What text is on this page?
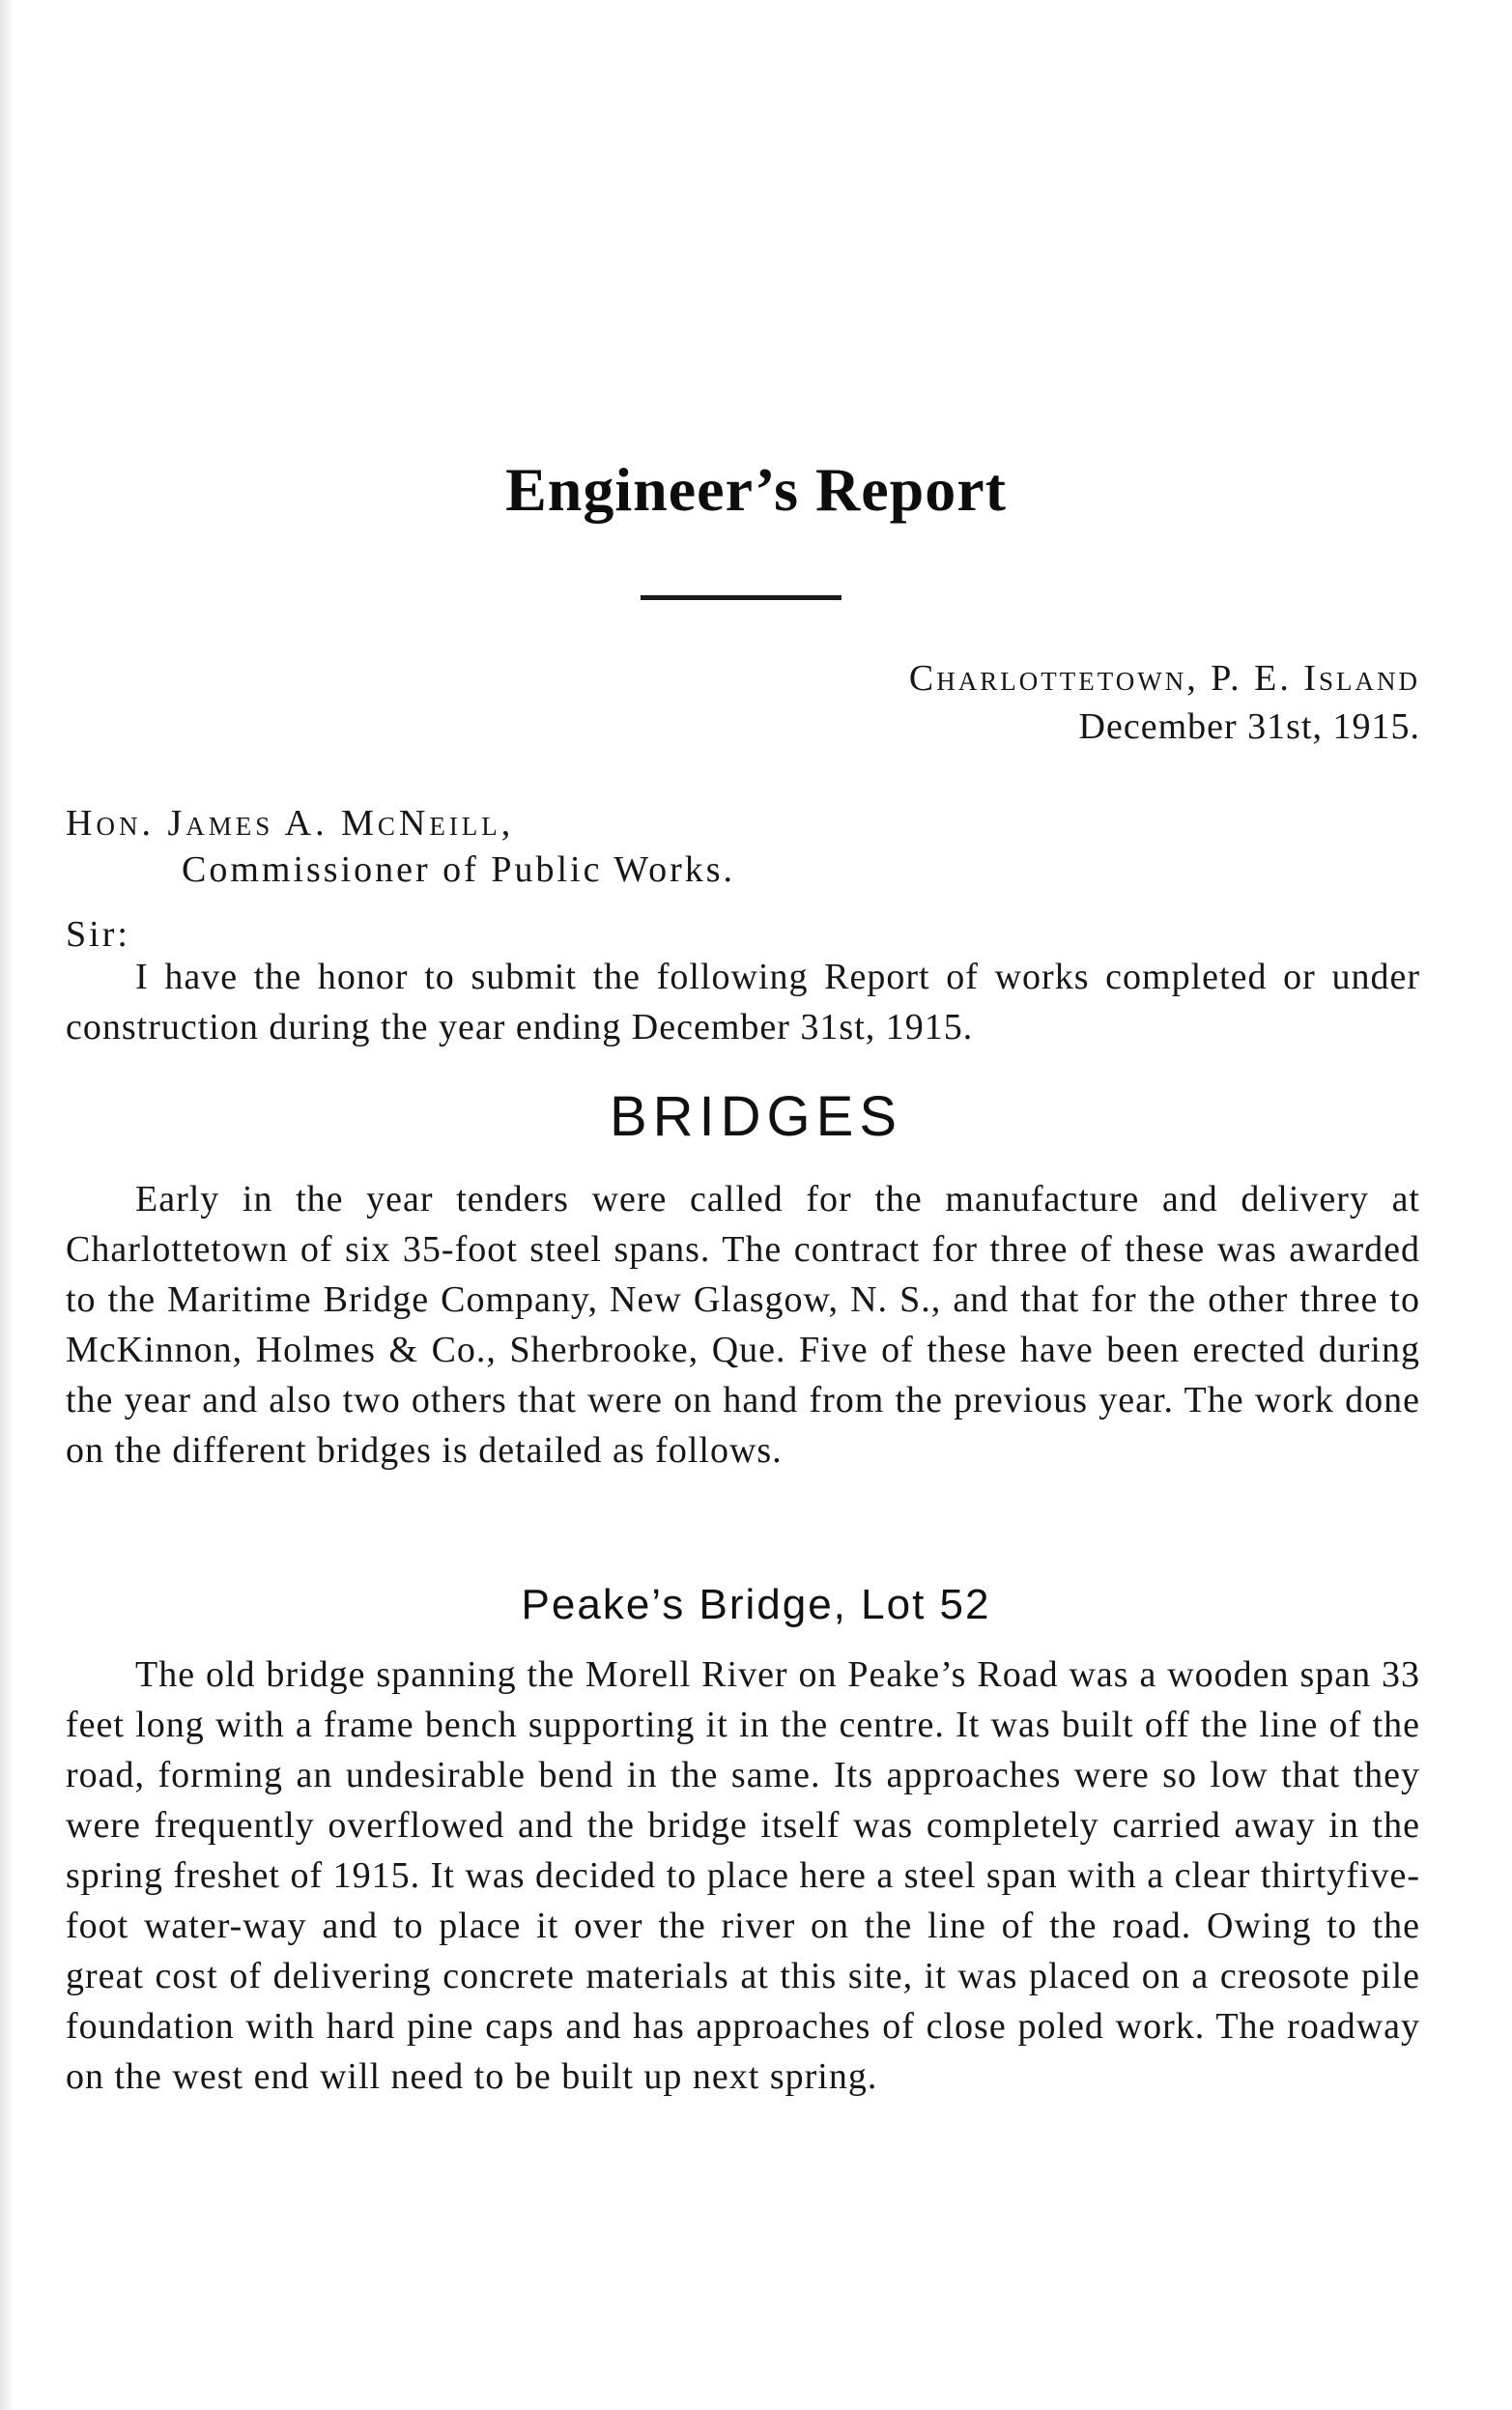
Engineer’s Report
Charlottetown, P. E. Island
December 31st, 1915.
Hon. James A. McNeill,
Commissioner of Public Works.
Sir:
I have the honor to submit the following Report of works completed or under construction during the year ending December 31st, 1915.
BRIDGES
Early in the year tenders were called for the manufacture and delivery at Charlottetown of six 35-foot steel spans. The contract for three of these was awarded to the Maritime Bridge Company, New Glasgow, N. S., and that for the other three to McKinnon, Holmes & Co., Sherbrooke, Que. Five of these have been erected during the year and also two others that were on hand from the previous year. The work done on the different bridges is detailed as follows.
Peake’s Bridge, Lot 52
The old bridge spanning the Morell River on Peake’s Road was a wooden span 33 feet long with a frame bench supporting it in the centre. It was built off the line of the road, forming an undesirable bend in the same. Its approaches were so low that they were frequently overflowed and the bridge itself was completely carried away in the spring freshet of 1915. It was decided to place here a steel span with a clear thirtyfive-foot water-way and to place it over the river on the line of the road. Owing to the great cost of delivering concrete materials at this site, it was placed on a creosote pile foundation with hard pine caps and has approaches of close poled work. The roadway on the west end will need to be built up next spring.
